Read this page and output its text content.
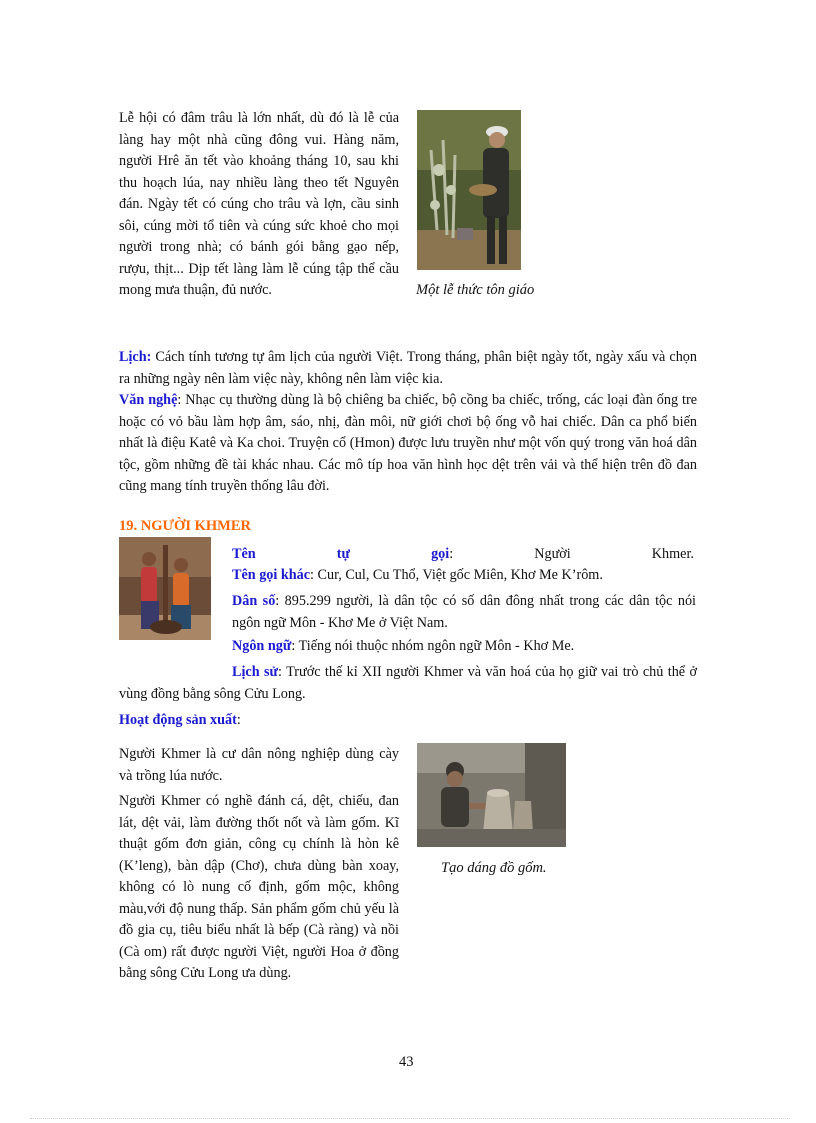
Lễ hội có đâm trâu là lớn nhất, dù đó là lễ của làng hay một nhà cũng đông vui. Hàng năm, người Hrê ăn tết vào khoảng tháng 10, sau khi thu hoạch lúa, nay nhiều làng theo tết Nguyên đán. Ngày tết có cúng cho trâu và lợn, cầu sinh sôi, cúng mời tổ tiên và cúng sức khoẻ cho mọi người trong nhà; có bánh gói bằng gạo nếp, rượu, thịt... Dịp tết làng làm lễ cúng tập thể cầu mong mưa thuận, đủ nước.	Một lễ thức tôn giáo
Lịch: Cách tính tương tự âm lịch của người Việt. Trong tháng, phân biệt ngày tốt, ngày xấu và chọn ra những ngày nên làm việc này, không nên làm việc kia.
Văn nghệ: Nhạc cụ thường dùng là bộ chiêng ba chiếc, bộ cồng ba chiếc, trống, các loại đàn ống tre hoặc có vỏ bầu làm hợp âm, sáo, nhị, đàn môi, nữ giới chơi bộ ống vỗ hai chiếc. Dân ca phổ biến nhất là điệu Katê và Ka choi. Truyện cổ (Hmon) được lưu truyền như một vốn quý trong văn hoá dân tộc, gồm những đề tài khác nhau. Các mô típ hoa văn hình học dệt trên vải và thể hiện trên đồ đan cũng mang tính truyền thống lâu đời.
19. NGƯỜI KHMER
Tên	tự	gọi:	Người	Khmer.
Tên gọi khác: Cur, Cul, Cu Thổ, Việt gốc Miên, Khơ Me K’rôm.
Dân số: 895.299 người, là dân tộc có số dân đông nhất trong các dân tộc nói ngôn ngữ Môn - Khơ Me ở Việt Nam.
Ngôn ngữ: Tiếng nói thuộc nhóm ngôn ngữ Môn - Khơ Me.
Lịch sử: Trước thế kỉ XII người Khmer và văn hoá của họ giữ vai trò chủ thể ở vùng đồng bằng sông Cửu Long.
Hoạt động sản xuất:
Người Khmer là cư dân nông nghiệp dùng cày và trồng lúa nước.
Người Khmer có nghề đánh cá, dệt, chiếu, đan lát, dệt vải, làm đường thốt nốt và làm gốm. Kĩ thuật gốm đơn giản, công cụ chính là hòn kê (K’leng), bàn dập (Chơ), chưa dùng bàn xoay, không có lò nung cố định, gốm mộc, không màu,với độ nung thấp. Sản phẩm gốm chủ yếu là đồ gia cụ, tiêu biểu nhất là bếp (Cà ràng) và nồi (Cà om) rất được người Việt, người Hoa ở đồng bằng sông Cửu Long ưa dùng.
Tạo dáng đồ gốm.
43
